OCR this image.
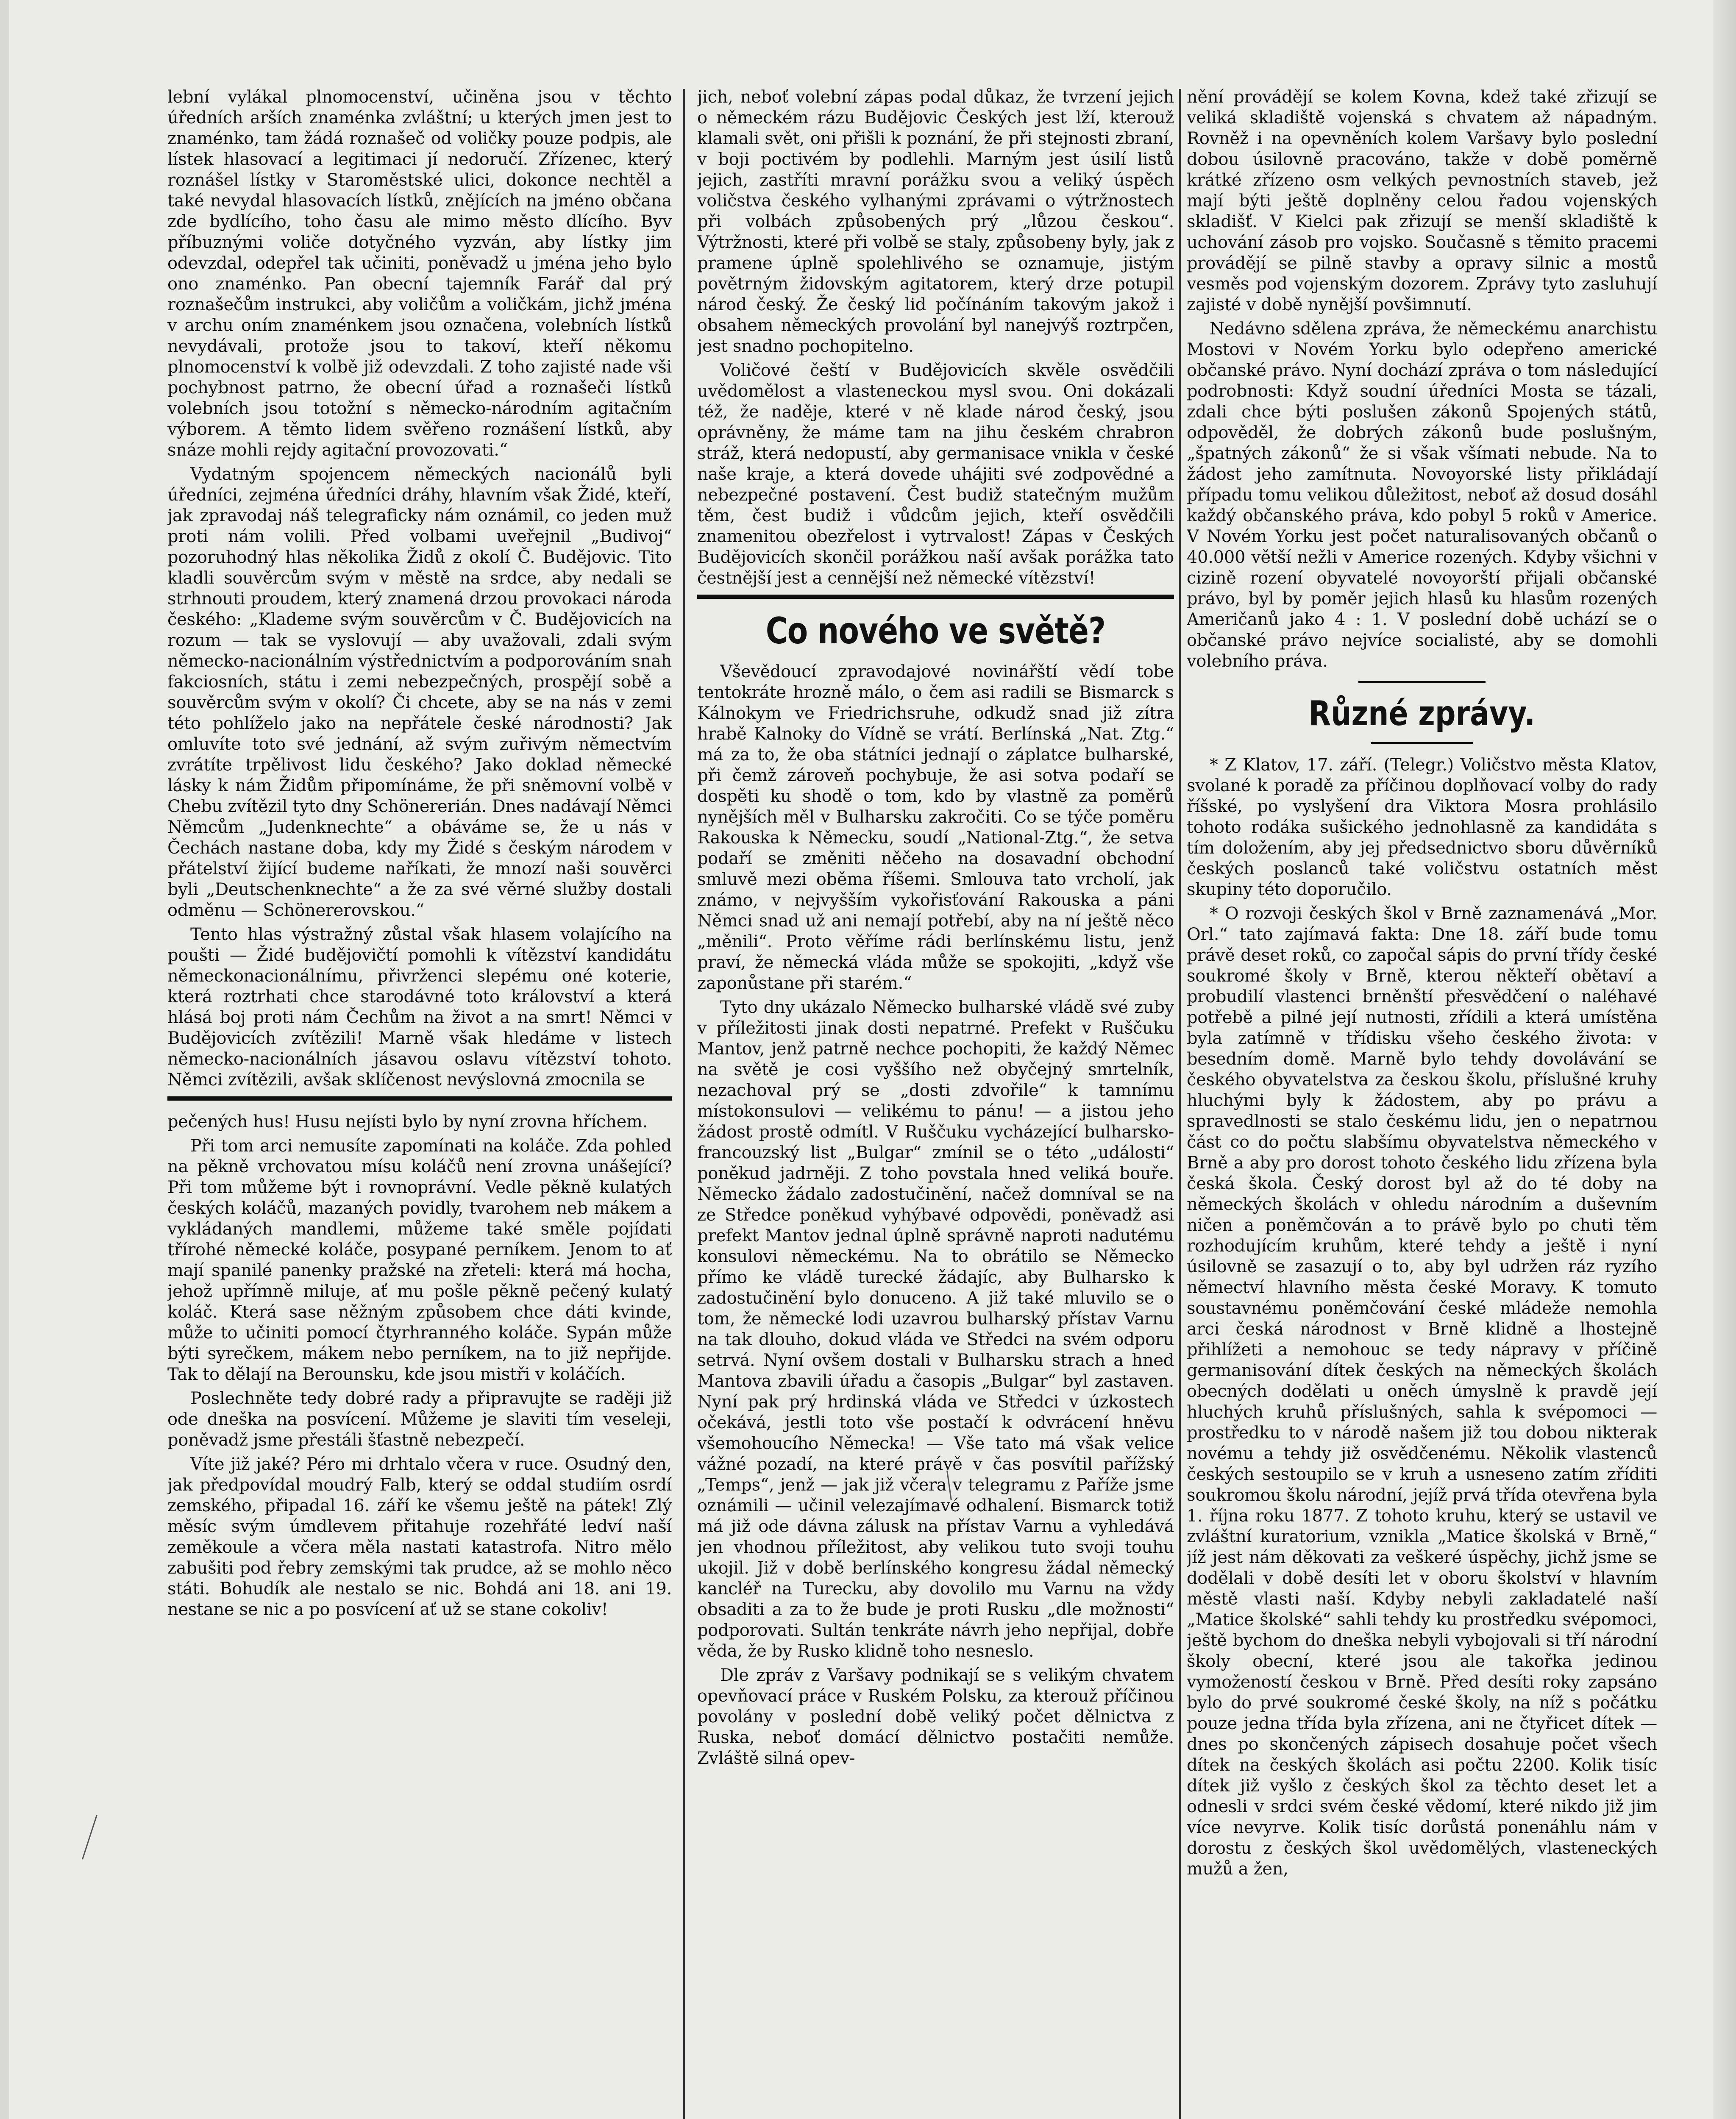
lební vylákal plnomocenství, učiněna jsou v těchto úředních arších znaménka zvláštní; u kterých jmen jest to znaménko, tam žádá roznašeč od voličky pouze podpis, ale lístek hlasovací a legitimaci jí nedoručí. Zřízenec, který roznášel lístky v Staroměstské ulici, dokonce nechtěl a také nevydal hlasovacích lístků, znějících na jméno občana zde bydlícího, toho času ale mimo město dlícího. Byv příbuznými voliče dotyčného vyzván, aby lístky jim odevzdal, odepřel tak učiniti, poněvadž u jména jeho bylo ono znaménko. Pan obecní tajemník Farář dal prý roznašečům instrukci, aby voličům a voličkám, jichž jména v archu oním znaménkem jsou označena, volebních lístků nevydávali, protože jsou to takoví, kteří někomu plnomocenství k volbě již odevzdali. Z toho zajisté nade vši pochybnost patrno, že obecní úřad a roznašeči lístků volebních jsou totožní s německo-národním agitačním výborem. A těmto lidem svěřeno roznášení lístků, aby snáze mohli rejdy agitační provozovati.“

Vydatným spojencem německých nacionálů byli úředníci, zejména úředníci dráhy, hlavním však Židé, kteří, jak zpravodaj náš telegraficky nám oznámil, co jeden muž proti nám volili. Před volbami uveřejnil „Budivoj“ pozoruhodný hlas několika Židů z okolí Č. Budějovic. Tito kladli souvěrcům svým v městě na srdce, aby nedali se strhnouti proudem, který znamená drzou provokaci národa českého: „Klademe svým souvěrcům v Č. Budějovicích na rozum — tak se vyslovují — aby uvažovali, zdali svým německo-nacionálním výstřednictvím a podporováním snah fakciosních, státu i zemi nebezpečných, prospějí sobě a souvěrcům svým v okolí? Či chcete, aby se na nás v zemi této pohlíželo jako na nepřátele české národnosti? Jak omluvíte toto své jednání, až svým zuřivým němectvím zvrátíte trpělivost lidu českého? Jako doklad německé lásky k nám Židům připomínáme, že při sněmovní volbě v Chebu zvítězil tyto dny Schönererián. Dnes nadávají Němci Němcům „Judenknechte“ a obáváme se, že u nás v Čechách nastane doba, kdy my Židé s českým národem v přátelství žijící budeme naříkati, že mnozí naši souvěrci byli „Deutschenknechte“ a že za své věrné služby dostali odměnu — Schönererovskou.“

Tento hlas výstražný zůstal však hlasem volajícího na poušti — Židé budějovičtí pomohli k vítězství kandidátu německonacionálnímu, přivrženci slepému oné koterie, která roztrhati chce starodávné toto království a která hlásá boj proti nám Čechům na život a na smrt! Němci v Budějovicích zvítězili! Marně však hledáme v listech německo-nacionálních jásavou oslavu vítězství tohoto. Němci zvítězili, avšak sklíčenost nevýslovná zmocnila se

pečených hus! Husu nejísti bylo by nyní zrovna hříchem.

Při tom arci nemusíte zapomínati na koláče. Zda pohled na pěkně vrchovatou mísu koláčů není zrovna unášející? Při tom můžeme být i rovnoprávní. Vedle pěkně kulatých českých koláčů, mazaných povidly, tvarohem neb mákem a vykládaných mandlemi, můžeme také směle pojídati třírohé německé koláče, posypané perníkem. Jenom to ať mají spanilé panenky pražské na zřeteli: která má hocha, jehož upřímně miluje, ať mu pošle pěkně pečený kulatý koláč. Která sase něžným způsobem chce dáti kvinde, může to učiniti pomocí čtyrhranného koláče. Sypán může býti syrečkem, mákem nebo perníkem, na to již nepřijde. Tak to dělají na Berounsku, kde jsou mistři v koláčích.

Poslechněte tedy dobré rady a připravujte se raději již ode dneška na posvícení. Můžeme je slaviti tím veseleji, poněvadž jsme přestáli šťastně nebezpečí.

Víte již jaké? Péro mi drhtalo včera v ruce. Osudný den, jak předpovídal moudrý Falb, který se oddal studiím osrdí zemského, připadal 16. září ke všemu ještě na pátek! Zlý měsíc svým úmdlevem přitahuje rozehřáté ledví naší zeměkoule a včera měla nastati katastrofa. Nitro mělo zabušiti pod řebry zemskými tak prudce, až se mohlo něco státi. Bohudík ale nestalo se nic. Bohdá ani 18. ani 19. nestane se nic a po posvícení ať už se stane cokoliv!

jich, neboť volební zápas podal důkaz, že tvrzení jejich o německém rázu Budějovic Českých jest lží, kterouž klamali svět, oni přišli k poznání, že při stejnosti zbraní, v boji poctivém by podlehli. Marným jest úsilí listů jejich, zastříti mravní porážku svou a veliký úspěch voličstva českého vylhanými zprávami o výtržnostech při volbách způsobených prý „lůzou českou“. Výtržnosti, které při volbě se staly, způsobeny byly, jak z pramene úplně spolehlivého se oznamuje, jistým povětrným židovským agitatorem, který drze potupil národ český. Že český lid počínáním takovým jakož i obsahem německých provolání byl nanejvýš roztrpčen, jest snadno pochopitelno.

Voličové čeští v Budějovicích skvěle osvědčili uvědomělost a vlasteneckou mysl svou. Oni dokázali též, že naděje, které v ně klade národ český, jsou oprávněny, že máme tam na jihu českém chrabron stráž, která nedopustí, aby germanisace vnikla v české naše kraje, a která dovede uhájiti své zodpovědné a nebezpečné postavení. Čest budiž statečným mužům těm, čest budiž i vůdcům jejich, kteří osvědčili znamenitou obezřelost i vytrvalost! Zápas v Českých Budějovicích skončil porážkou naší avšak porážka tato čestnější jest a cennější než německé vítězství!

Co nového ve světě?

Vševědoucí zpravodajové novinářští vědí tobe tentokráte hrozně málo, o čem asi radili se Bismarck s Kálnokym ve Friedrichsruhe, odkudž snad již zítra hrabě Kalnoky do Vídně se vrátí. Berlínská „Nat. Ztg.“ má za to, že oba státníci jednají o záplatce bulharské, při čemž zároveň pochybuje, že asi sotva podaří se dospěti ku shodě o tom, kdo by vlastně za poměrů nynějších měl v Bulharsku zakročiti. Co se týče poměru Rakouska k Německu, soudí „National-Ztg.“, že setva podaří se změniti něčeho na dosavadní obchodní smluvě mezi oběma říšemi. Smlouva tato vrcholí, jak známo, v nejvyšším vykořisťování Rakouska a páni Němci snad už ani nemají potřebí, aby na ní ještě něco „měnili“. Proto věříme rádi berlínskému listu, jenž praví, že německá vláda může se spokojiti, „když vše zaponůstane při starém.“

Tyto dny ukázalo Německo bulharské vládě své zuby v příležitosti jinak dosti nepatrné. Prefekt v Ruščuku Mantov, jenž patrně nechce pochopiti, že každý Němec na světě je cosi vyššího než obyčejný smrtelník, nezachoval prý se „dosti zdvořile“ k tamnímu místokonsulovi — velikému to pánu! — a jistou jeho žádost prostě odmítl. V Ruščuku vycházející bulharsko-francouzský list „Bulgar“ zmínil se o této „události“ poněkud jadrněji. Z toho povstala hned veliká bouře. Německo žádalo zadostučinění, načež domníval se na ze Středce poněkud vyhýbavé odpovědi, poněvadž asi prefekt Mantov jednal úplně správně naproti nadutému konsulovi německému. Na to obrátilo se Německo přímo ke vládě turecké žádajíc, aby Bulharsko k zadostučinění bylo donuceno. A již také mluvilo se o tom, že německé lodi uzavrou bulharský přístav Varnu na tak dlouho, dokud vláda ve Středci na svém odporu setrvá. Nyní ovšem dostali v Bulharsku strach a hned Mantova zbavili úřadu a časopis „Bulgar“ byl zastaven. Nyní pak prý hrdinská vláda ve Středci v úzkostech očekává, jestli toto vše postačí k odvrácení hněvu všemohoucího Německa! — Vše tato má však velice vážné pozadí, na které právě v čas posvítil pařížský „Temps“, jenž — jak již včera v telegramu z Paříže jsme oznámili — učinil velezajímavé odhalení. Bismarck totiž má již ode dávna zálusk na přístav Varnu a vyhledává jen vhodnou příležitost, aby velikou tuto svoji touhu ukojil. Již v době berlínského kongresu žádal německý kancléř na Turecku, aby dovolilo mu Varnu na vždy obsaditi a za to že bude je proti Rusku „dle možnosti“ podporovati. Sultán tenkráte návrh jeho nepřijal, dobře věda, že by Rusko klidně toho nesneslo.

Dle zpráv z Varšavy podnikají se s velikým chvatem opevňovací práce v Ruském Polsku, za kterouž příčinou povolány v poslední době veliký počet dělnictva z Ruska, neboť domácí dělnictvo postačiti nemůže. Zvláště silná opev-

nění provádějí se kolem Kovna, kdež také zřizují se veliká skladiště vojenská s chvatem až nápadným. Rovněž i na opevněních kolem Varšavy bylo poslední dobou úsilovně pracováno, takže v době poměrně krátké zřízeno osm velkých pevnostních staveb, jež mají býti ještě doplněny celou řadou vojenských skladišť. V Kielci pak zřizují se menší skladiště k uchování zásob pro vojsko. Současně s těmito pracemi provádějí se pilně stavby a opravy silnic a mostů vesměs pod vojenským dozorem. Zprávy tyto zasluhují zajisté v době nynější povšimnutí.

Nedávno sdělena zpráva, že německému anarchistu Mostovi v Novém Yorku bylo odepřeno americké občanské právo. Nyní dochází zpráva o tom následující podrobnosti: Když soudní úředníci Mosta se tázali, zdali chce býti poslušen zákonů Spojených států, odpověděl, že dobrých zákonů bude poslušným, „špatných zákonů“ že si však všímati nebude. Na to žádost jeho zamítnuta. Novoyorské listy přikládají případu tomu velikou důležitost, neboť až dosud dosáhl každý občanského práva, kdo pobyl 5 roků v Americe. V Novém Yorku jest počet naturalisovaných občanů o 40.000 větší nežli v Americe rozených. Kdyby všichni v cizině rození obyvatelé novoyorští přijali občanské právo, byl by poměr jejich hlasů ku hlasům rozených Američanů jako 4 : 1. V poslední době uchází se o občanské právo nejvíce socialisté, aby se domohli volebního práva.

Různé zprávy.

* Z Klatov, 17. září. (Telegr.) Voličstvo města Klatov, svolané k poradě za příčinou doplňovací volby do rady říšské, po vyslyšení dra Viktora Mosra prohlásilo tohoto rodáka sušického jednohlasně za kandidáta s tím doložením, aby jej předsednictvo sboru důvěrníků českých poslanců také voličstvu ostatních měst skupiny této doporučilo.

* O rozvoji českých škol v Brně zaznamenává „Mor. Orl.“ tato zajímavá fakta: Dne 18. září bude tomu právě deset roků, co započal sápis do první třídy české soukromé školy v Brně, kterou někteří obětaví a probudilí vlastenci brněnští přesvědčení o naléhavé potřebě a pilné její nutnosti, zřídili a která umístěna byla zatímně v třídisku všeho českého života: v besedním domě. Marně bylo tehdy dovolávání se českého obyvatelstva za českou školu, příslušné kruhy hluchými byly k žádostem, aby po právu a spravedlnosti se stalo českému lidu, jen o nepatrnou část co do počtu slabšímu obyvatelstva německého v Brně a aby pro dorost tohoto českého lidu zřízena byla česká škola. Český dorost byl až do té doby na německých školách v ohledu národním a duševním ničen a poněmčován a to právě bylo po chuti těm rozhodujícím kruhům, které tehdy a ještě i nyní úsilovně se zasazují o to, aby byl udržen ráz ryzího němectví hlavního města české Moravy. K tomuto soustavnému poněmčování české mládeže nemohla arci česká národnost v Brně klidně a lhostejně přihlížeti a nemohouc se tedy nápravy v příčině germanisování dítek českých na německých školách obecných dodělati u oněch úmyslně k pravdě její hluchých kruhů příslušných, sahla k svépomoci — prostředku to v národě našem již tou dobou nikterak novému a tehdy již osvědčenému. Několik vlastenců českých sestoupilo se v kruh a usneseno zatím zříditi soukromou školu národní, jejíž prvá třída otevřena byla 1. října roku 1877. Z tohoto kruhu, který se ustavil ve zvláštní kuratorium, vznikla „Matice školská v Brně,“ jíž jest nám děkovati za veškeré úspěchy, jichž jsme se dodělali v době desíti let v oboru školství v hlavním městě vlasti naší. Kdyby nebyli zakladatelé naší „Matice školské“ sahli tehdy ku prostředku svépomoci, ještě bychom do dneška nebyli vybojovali si tří národní školy obecní, které jsou ale takořka jedinou vymožeností českou v Brně. Před desíti roky zapsáno bylo do prvé soukromé české školy, na níž s počátku pouze jedna třída byla zřízena, ani ne čtyřicet dítek — dnes po skončených zápisech dosahuje počet všech dítek na českých školách asi počtu 2200. Kolik tisíc dítek již vyšlo z českých škol za těchto deset let a odnesli v srdci svém české vědomí, které nikdo již jim více nevyrve. Kolik tisíc dorůstá ponenáhlu nám v dorostu z českých škol uvědomělých, vlasteneckých mužů a žen,
